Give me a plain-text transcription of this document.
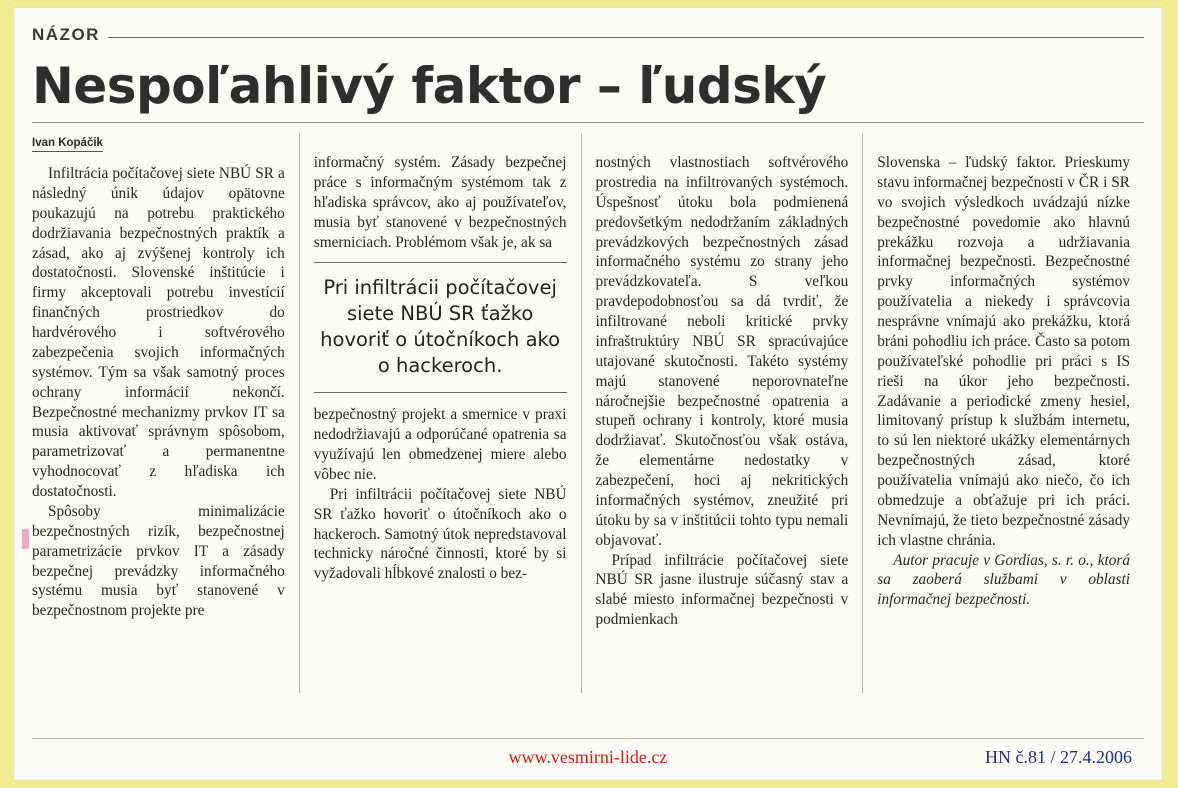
NÁZOR
Nespoľahlivý faktor – ľudský
Ivan Kopáčik

Infiltrácia počítačovej siete NBÚ SR a následný únik údajov opätovne poukazujú na potrebu praktického dodržiavania bezpečnostných praktík a zásad, ako aj zvýšenej kontroly ich dostatočnosti. Slovenské inštitúcie i firmy akceptovali potrebu investícií finančných prostriedkov do hardvérového i softvérového zabezpečenia svojich informačných systémov. Tým sa však samotný proces ochrany informácií nekončí. Bezpečnostné mechanizmy prvkov IT sa musia aktivovať správnym spôsobom, parametrizovať a permanentne vyhodnocovať z hľadiska ich dostatočnosti.

Spôsoby minimalizácie bezpečnostných rizík, bezpečnostnej parametrizácie prvkov IT a zásady bezpečnej prevádzky informačného systému musia byť stanovené v bezpečnostnom projekte pre

informačný systém. Zásady bezpečnej práce s informačným systémom tak z hľadiska správcov, ako aj používateľov, musia byť stanovené v bezpečnostných smerniciach. Problémom však je, ak sa

Pri infiltrácii počítačovej siete NBÚ SR ťažko hovoriť o útočníkoch ako o hackeroch.

bezpečnostný projekt a smernice v praxi nedodržiavajú a odporúčané opatrenia sa využívajú len obmedzenej miere alebo vôbec nie.

Pri infiltrácii počítačovej siete NBÚ SR ťažko hovoriť o útočníkoch ako o hackeroch. Samotný útok nepredstavoval technicky náročné činnosti, ktoré by si vyžadovali hĺbkové znalosti o bez-

nostných vlastnostiach softvérového prostredia na infiltrovaných systémoch. Úspešnosť útoku bola podmienená predovšetkým nedodržaním základných prevádzkových bezpečnostných zásad informačného systému zo strany jeho prevádzkovateľa. S veľkou pravdepodobnosťou sa dá tvrdiť, že infiltrované neboli kritické prvky infraštruktúry NBÚ SR spracúvajúce utajované skutočnosti. Takéto systémy majú stanovené neporovnateľne náročnejšie bezpečnostné opatrenia a stupeň ochrany i kontroly, ktoré musia dodržiavať. Skutočnosťou však ostáva, že elementárne nedostatky v zabezpečení, hoci aj nekritických informačných systémov, zneužité pri útoku by sa v inštitúcii tohto typu nemali objavovať.

Prípad infiltrácie počítačovej siete NBÚ SR jasne ilustruje súčasný stav a slabé miesto informačnej bezpečnosti v podmienkach

Slovenska – ľudský faktor. Prieskumy stavu informačnej bezpečnosti v ČR i SR vo svojich výsledkoch uvádzajú nízke bezpečnostné povedomie ako hlavnú prekážku rozvoja a udržiavania informačnej bezpečnosti. Bezpečnostné prvky informačných systémov používatelia a niekedy i správcovia nesprávne vnímajú ako prekážku, ktorá bráni pohodliu ich práce. Často sa potom používateľské pohodlie pri práci s IS rieši na úkor jeho bezpečnosti. Zadávanie a periodické zmeny hesiel, limitovaný prístup k službám internetu, to sú len niektoré ukážky elementárnych bezpečnostných zásad, ktoré používatelia vnímajú ako niečo, čo ich obmedzuje a obťažuje pri ich práci. Nevnímajú, že tieto bezpečnostné zásady ich vlastne chránia.

Autor pracuje v Gordias, s. r. o., ktorá sa zaoberá službami v oblasti informačnej bezpečnosti.

www.vesmirni-lide.cz	HN č.81 / 27.4.2006
